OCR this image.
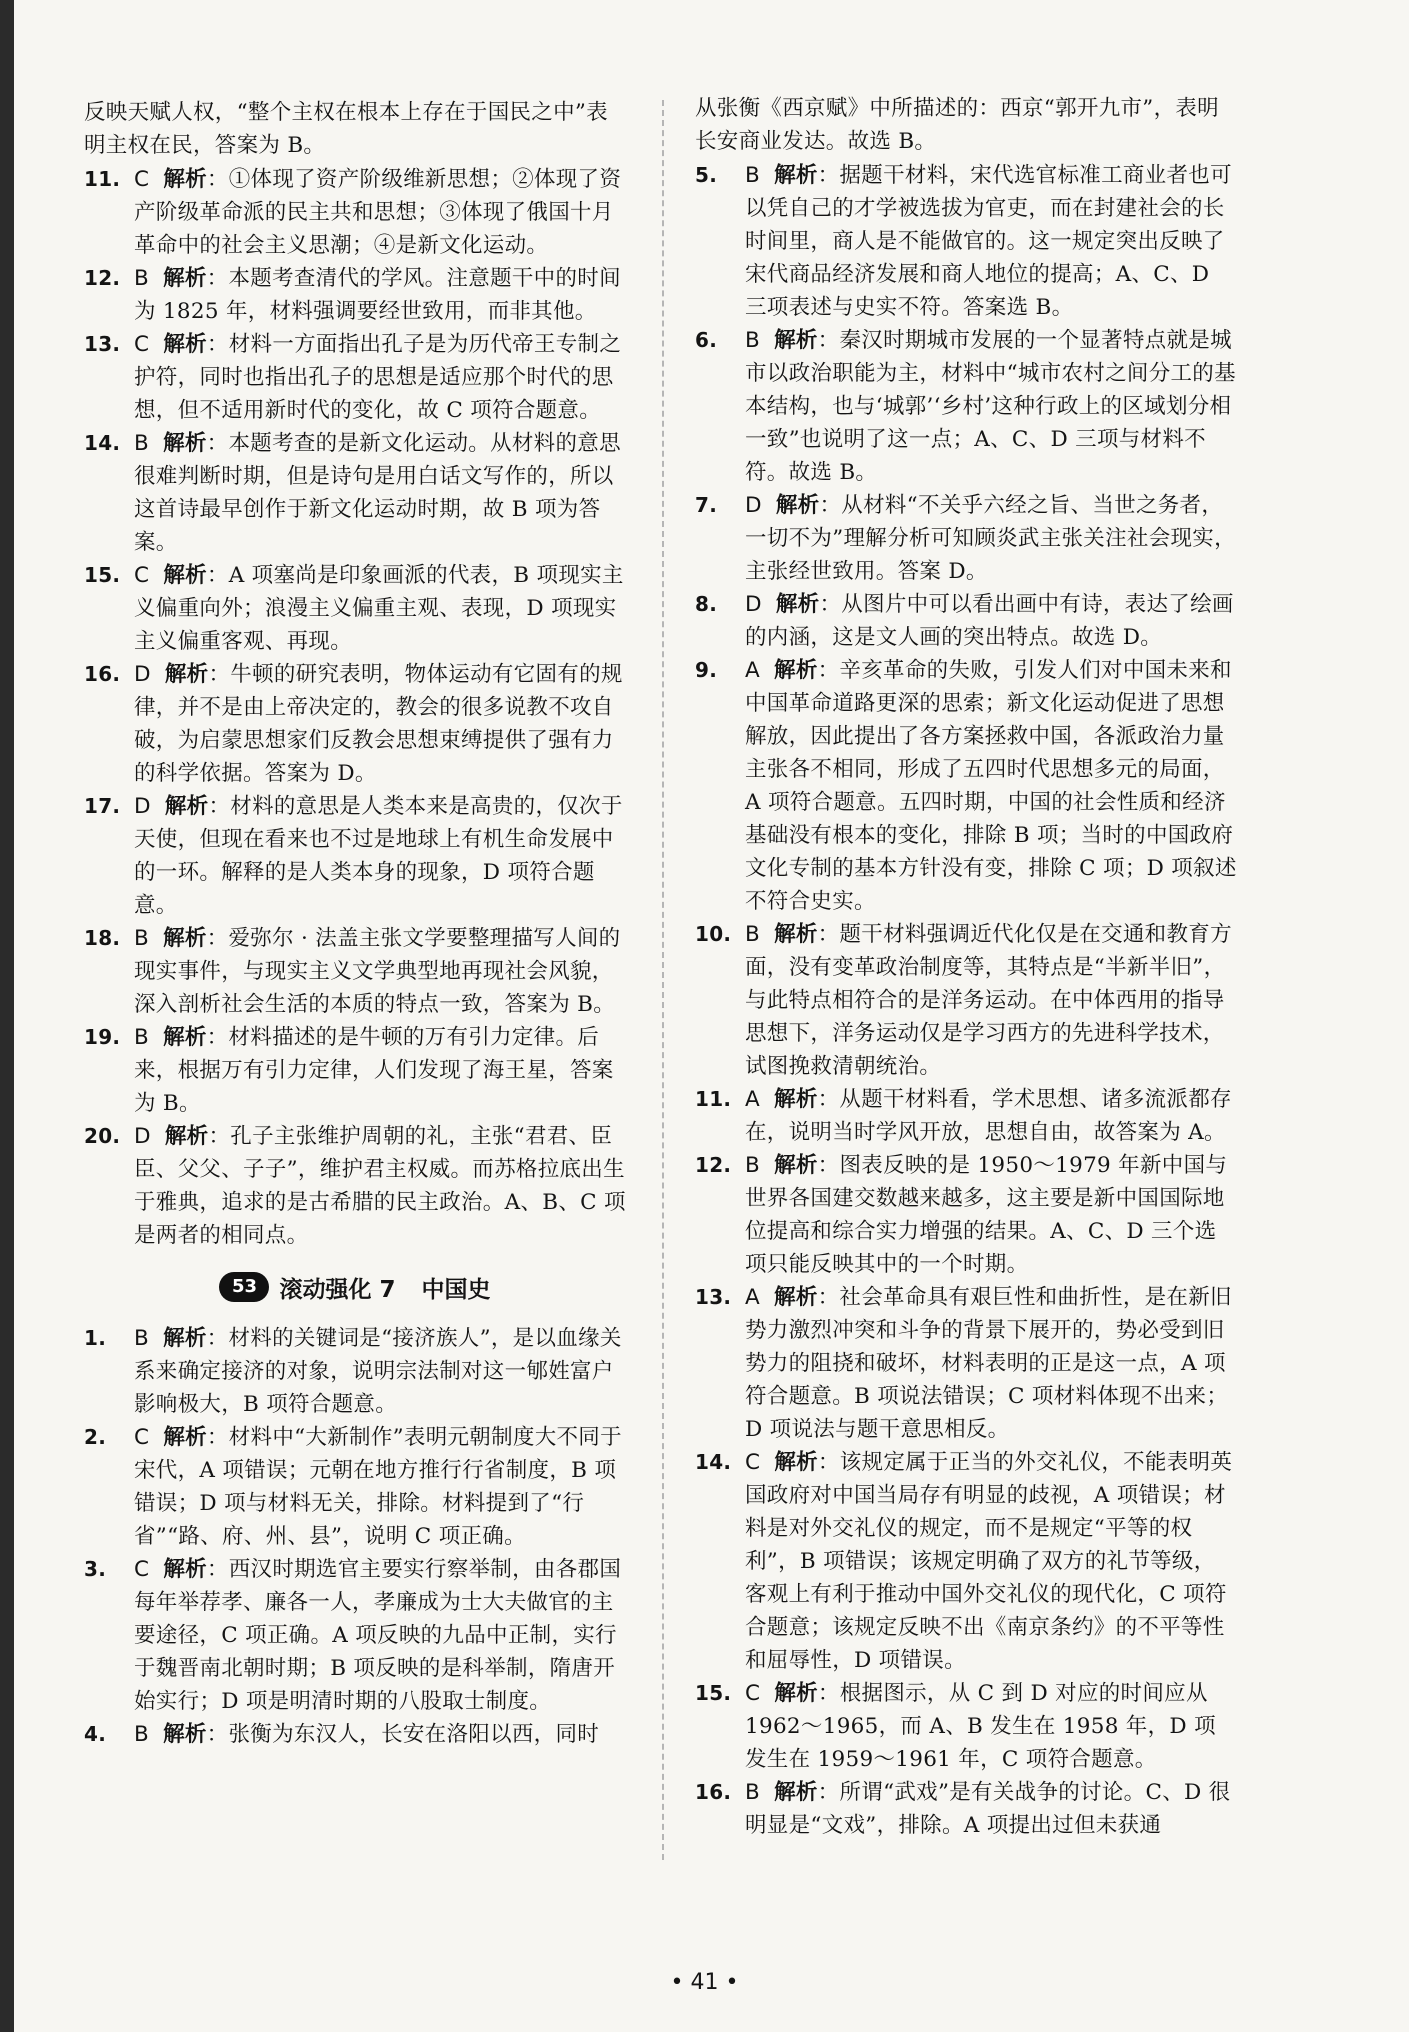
反映天赋人权，“整个主权在根本上存在于国民之中”表明主权在民，答案为 B。

11. C 解析：①体现了资产阶级维新思想；②体现了资产阶级革命派的民主共和思想；③体现了俄国十月革命中的社会主义思潮；④是新文化运动。

12. B 解析：本题考查清代的学风。注意题干中的时间为 1825 年，材料强调要经世致用，而非其他。

13. C 解析：材料一方面指出孔子是为历代帝王专制之护符，同时也指出孔子的思想是适应那个时代的思想，但不适用新时代的变化，故 C 项符合题意。

14. B 解析：本题考查的是新文化运动。从材料的意思很难判断时期，但是诗句是用白话文写作的，所以这首诗最早创作于新文化运动时期，故 B 项为答案。

15. C 解析：A 项塞尚是印象画派的代表，B 项现实主义偏重向外；浪漫主义偏重主观、表现，D 项现实主义偏重客观、再现。

16. D 解析：牛顿的研究表明，物体运动有它固有的规律，并不是由上帝决定的，教会的很多说教不攻自破，为启蒙思想家们反教会思想束缚提供了强有力的科学依据。答案为 D。

17. D 解析：材料的意思是人类本来是高贵的，仅次于天使，但现在看来也不过是地球上有机生命发展中的一环。解释的是人类本身的现象，D 项符合题意。

18. B 解析：爱弥尔 · 法盖主张文学要整理描写人间的现实事件，与现实主义文学典型地再现社会风貌，深入剖析社会生活的本质的特点一致，答案为 B。

19. B 解析：材料描述的是牛顿的万有引力定律。后来，根据万有引力定律，人们发现了海王星，答案为 B。

20. D 解析：孔子主张维护周朝的礼，主张“君君、臣臣、父父、子子”，维护君主权威。而苏格拉底出生于雅典，追求的是古希腊的民主政治。A、B、C 项是两者的相同点。

53 滚动强化 7 中国史

1. B 解析：材料的关键词是“接济族人”，是以血缘关系来确定接济的对象，说明宗法制对这一郇姓富户影响极大，B 项符合题意。

2. C 解析：材料中“大新制作”表明元朝制度大不同于宋代，A 项错误；元朝在地方推行行省制度，B 项错误；D 项与材料无关，排除。材料提到了“行省”“路、府、州、县”，说明 C 项正确。

3. C 解析：西汉时期选官主要实行察举制，由各郡国每年举荐孝、廉各一人，孝廉成为士大夫做官的主要途径，C 项正确。A 项反映的九品中正制，实行于魏晋南北朝时期；B 项反映的是科举制，隋唐开始实行；D 项是明清时期的八股取士制度。

4. B 解析：张衡为东汉人，长安在洛阳以西，同时

从张衡《西京赋》中所描述的：西京“郭开九市”，表明长安商业发达。故选 B。

5. B 解析：据题干材料，宋代选官标准工商业者也可以凭自己的才学被选拔为官吏，而在封建社会的长时间里，商人是不能做官的。这一规定突出反映了宋代商品经济发展和商人地位的提高；A、C、D 三项表述与史实不符。答案选 B。

6. B 解析：秦汉时期城市发展的一个显著特点就是城市以政治职能为主，材料中“城市农村之间分工的基本结构，也与‘城郭’‘乡村’这种行政上的区域划分相一致”也说明了这一点；A、C、D 三项与材料不符。故选 B。

7. D 解析：从材料“不关乎六经之旨、当世之务者，一切不为”理解分析可知顾炎武主张关注社会现实，主张经世致用。答案 D。

8. D 解析：从图片中可以看出画中有诗，表达了绘画的内涵，这是文人画的突出特点。故选 D。

9. A 解析：辛亥革命的失败，引发人们对中国未来和中国革命道路更深的思索；新文化运动促进了思想解放，因此提出了各方案拯救中国，各派政治力量主张各不相同，形成了五四时代思想多元的局面，A 项符合题意。五四时期，中国的社会性质和经济基础没有根本的变化，排除 B 项；当时的中国政府文化专制的基本方针没有变，排除 C 项；D 项叙述不符合史实。

10. B 解析：题干材料强调近代化仅是在交通和教育方面，没有变革政治制度等，其特点是“半新半旧”，与此特点相符合的是洋务运动。在中体西用的指导思想下，洋务运动仅是学习西方的先进科学技术，试图挽救清朝统治。

11. A 解析：从题干材料看，学术思想、诸多流派都存在，说明当时学风开放，思想自由，故答案为 A。

12. B 解析：图表反映的是 1950～1979 年新中国与世界各国建交数越来越多，这主要是新中国国际地位提高和综合实力增强的结果。A、C、D 三个选项只能反映其中的一个时期。

13. A 解析：社会革命具有艰巨性和曲折性，是在新旧势力激烈冲突和斗争的背景下展开的，势必受到旧势力的阻挠和破坏，材料表明的正是这一点，A 项符合题意。B 项说法错误；C 项材料体现不出来；D 项说法与题干意思相反。

14. C 解析：该规定属于正当的外交礼仪，不能表明英国政府对中国当局存有明显的歧视，A 项错误；材料是对外交礼仪的规定，而不是规定“平等的权利”，B 项错误；该规定明确了双方的礼节等级，客观上有利于推动中国外交礼仪的现代化，C 项符合题意；该规定反映不出《南京条约》的不平等性和屈辱性，D 项错误。

15. C 解析：根据图示，从 C 到 D 对应的时间应从 1962～1965，而 A、B 发生在 1958 年，D 项发生在 1959～1961 年，C 项符合题意。

16. B 解析：所谓“武戏”是有关战争的讨论。C、D 很明显是“文戏”，排除。A 项提出过但未获通

• 41 •
